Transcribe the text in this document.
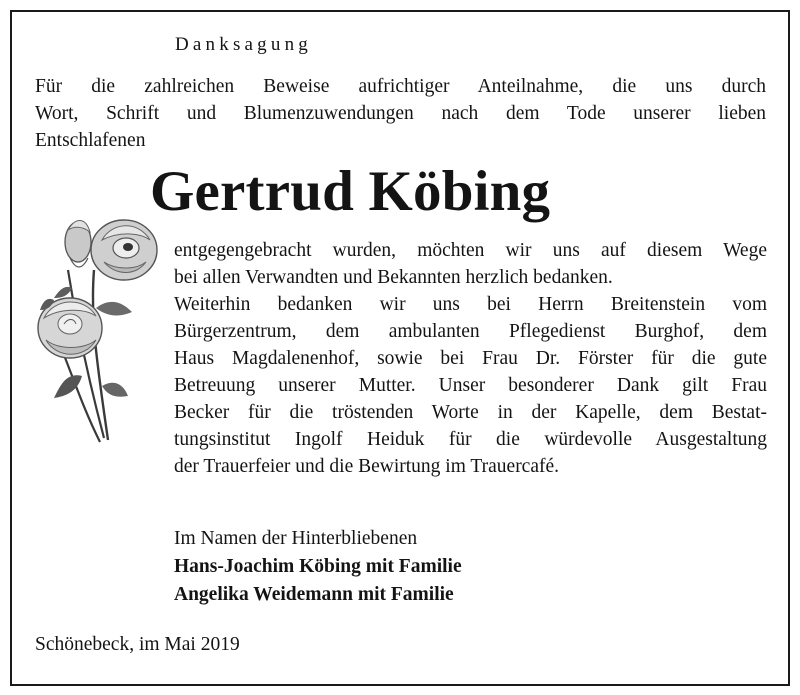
Danksagung
Für die zahlreichen Beweise aufrichtiger Anteilnahme, die uns durch
Wort, Schrift und Blumenzuwendungen nach dem Tode unserer lieben
Entschlafenen
Gertrud Köbing
entgegengebracht wurden, möchten wir uns auf diesem Wege
bei allen Verwandten und Bekannten herzlich bedanken.
Weiterhin bedanken wir uns bei Herrn Breitenstein vom
Bürgerzentrum, dem ambulanten Pflegedienst Burghof, dem
Haus Magdalenenhof, sowie bei Frau Dr. Förster für die gute
Betreuung unserer Mutter. Unser besonderer Dank gilt Frau
Becker für die tröstenden Worte in der Kapelle, dem Bestat-
tungsinstitut Ingolf Heiduk für die würdevolle Ausgestaltung
der Trauerfeier und die Bewirtung im Trauercafé.
Im Namen der Hinterbliebenen
Hans-Joachim Köbing mit Familie
Angelika Weidemann mit Familie
Schönebeck, im Mai 2019
